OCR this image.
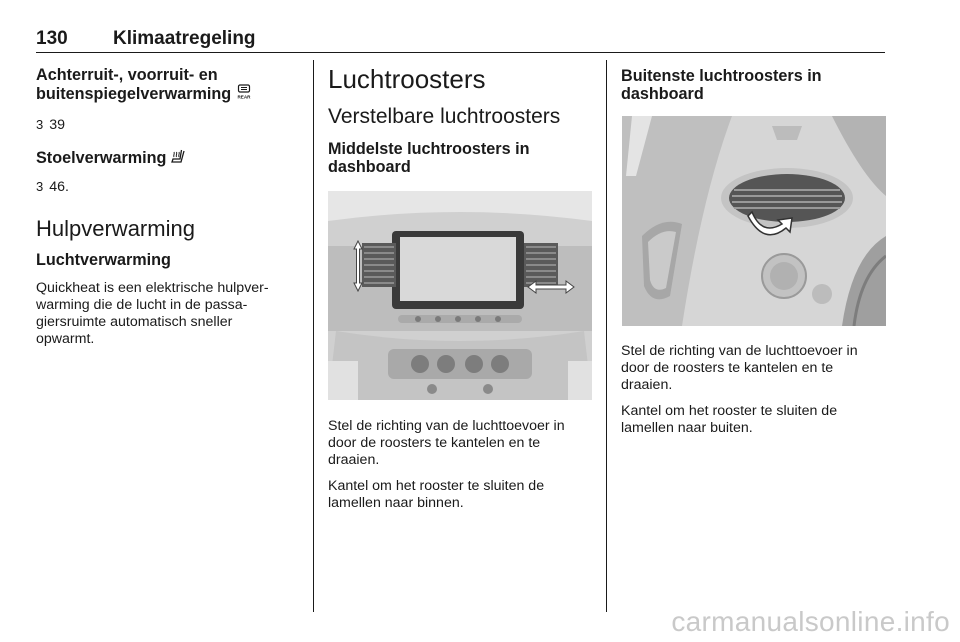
130 Klimaatregeling
Achterruit-, voorruit- en
buitenspiegelverwarming REAR

3 39

Stoelverwarming

3 46.

Hulpverwarming
Luchtverwarming
Quickheat is een elektrische hulpver-
warming die de lucht in de passa-
giersruimte automatisch sneller
opwarmt.
Luchtroosters
Verstelbare luchtroosters
Middelste luchtroosters in
dashboard
Stel de richting van de luchttoevoer in
door de roosters te kantelen en te
draaien.
Kantel om het rooster te sluiten de
lamellen naar binnen.
Buitenste luchtroosters in
dashboard
Stel de richting van de luchttoevoer in
door de roosters te kantelen en te
draaien.
Kantel om het rooster te sluiten de
lamellen naar buiten.
carmanualsonline.info
